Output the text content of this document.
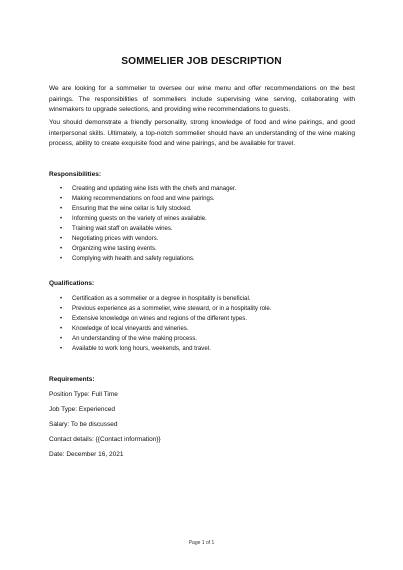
SOMMELIER JOB DESCRIPTION
We are looking for a sommelier to oversee our wine menu and offer recommendations on the best pairings. The responsibilities of sommeliers include supervising wine serving, collaborating with winemakers to upgrade selections, and providing wine recommendations to guests.
You should demonstrate a friendly personality, strong knowledge of food and wine pairings, and good interpersonal skills. Ultimately, a top-notch sommelier should have an understanding of the wine making process, ability to create exquisite food and wine pairings, and be available for travel.
Responsibilities:
• Creating and updating wine lists with the chefs and manager.
• Making recommendations on food and wine pairings.
• Ensuring that the wine cellar is fully stocked.
• Informing guests on the variety of wines available.
• Training wait staff on available wines.
• Negotiating prices with vendors.
• Organizing wine tasting events.
• Complying with health and safety regulations.
Qualifications:
• Certification as a sommelier or a degree in hospitality is beneficial.
• Previous experience as a sommelier, wine steward, or in a hospitality role.
• Extensive knowledge on wines and regions of the different types.
• Knowledge of local vineyards and wineries.
• An understanding of the wine making process.
• Available to work long hours, weekends, and travel.
Requirements:
Position Type: Full Time
Job Type: Experienced
Salary: To be discussed
Contact details: {{Contact information}}
Date: December 16, 2021
Page 1 of 1
